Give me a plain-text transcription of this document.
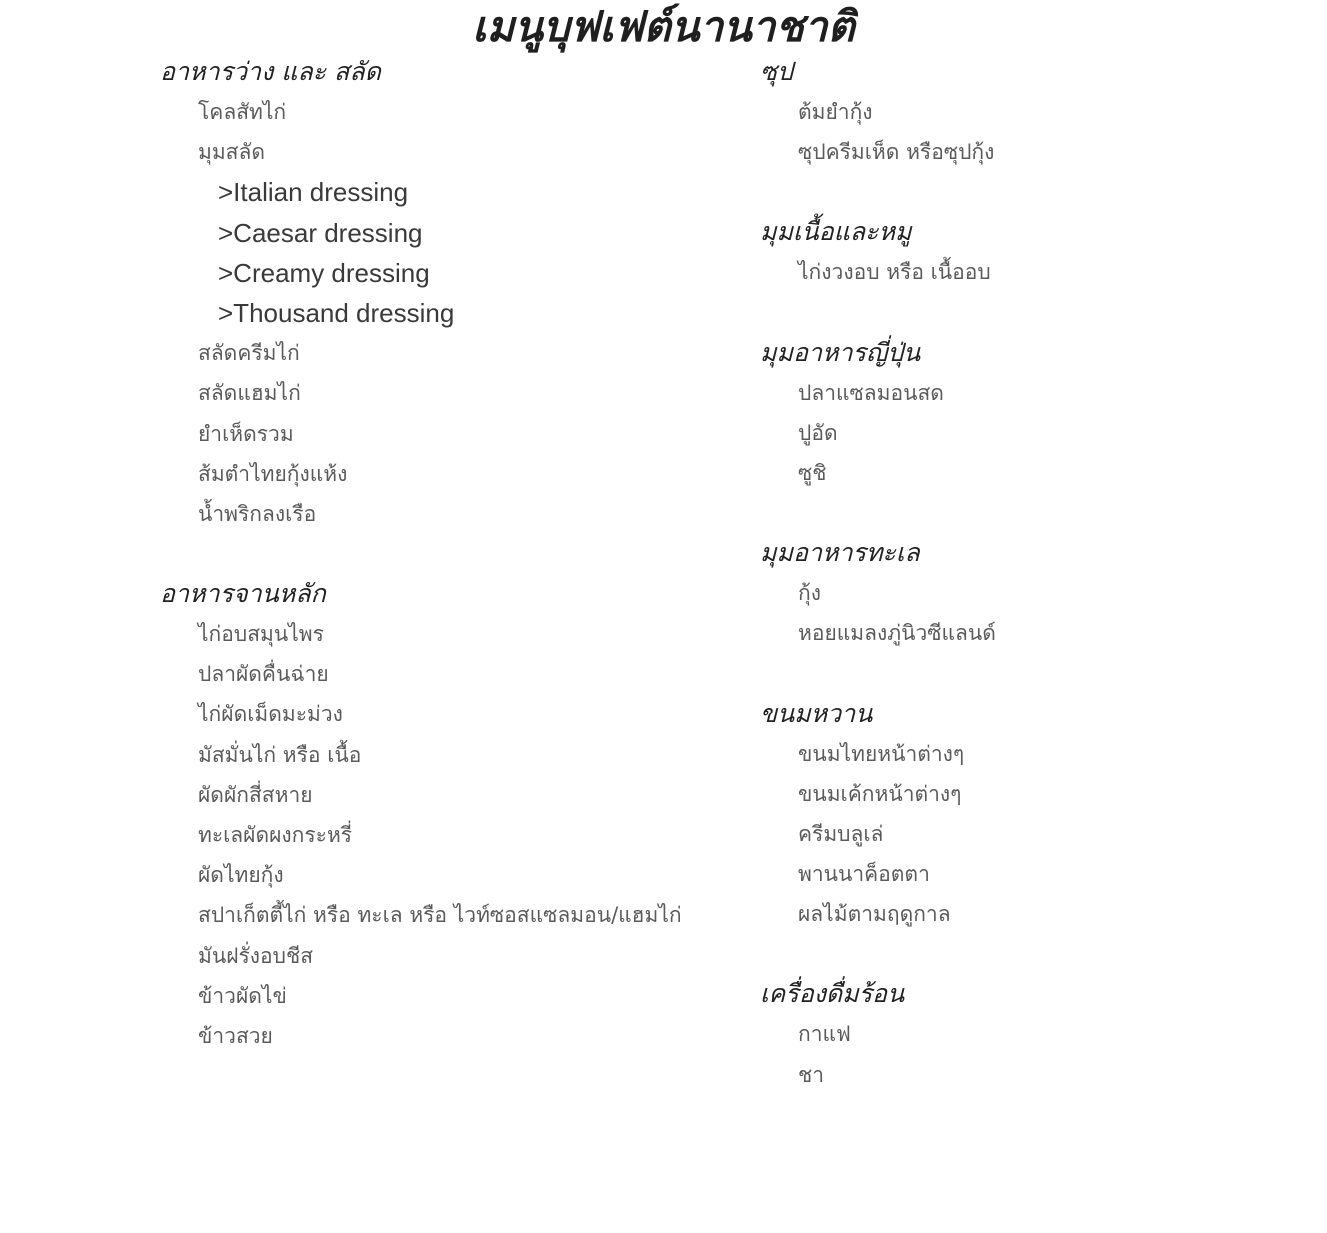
เมนูบุฟเฟต์นานาชาติ
อาหารว่าง และ สลัด
โคลสัทไก่
มุมสลัด
>Italian dressing
>Caesar dressing
>Creamy dressing
>Thousand dressing
สลัดครีมไก่
สลัดแฮมไก่
ยำเห็ดรวม
ส้มตำไทยกุ้งแห้ง
น้ำพริกลงเรือ
อาหารจานหลัก
ไก่อบสมุนไพร
ปลาผัดคื่นฉ่าย
ไก่ผัดเม็ดมะม่วง
มัสมั่นไก่ หรือ เนื้อ
ผัดผักสี่สหาย
ทะเลผัดผงกระหรี่
ผัดไทยกุ้ง
สปาเก็ตตี้ไก่ หรือ ทะเล หรือ ไวท์ซอสแซลมอน/แฮมไก่
มันฝรั่งอบชีส
ข้าวผัดไข่
ข้าวสวย
ซุป
ต้มยำกุ้ง
ซุปครีมเห็ด หรือซุปกุ้ง
มุมเนื้อและหมู
ไก่งวงอบ หรือ เนื้ออบ
มุมอาหารญี่ปุ่น
ปลาแซลมอนสด
ปูอัด
ซูชิ
มุมอาหารทะเล
กุ้ง
หอยแมลงภู่นิวซีแลนด์
ขนมหวาน
ขนมไทยหน้าต่างๆ
ขนมเค้กหน้าต่างๆ
ครีมบลูเล่
พานนาค็อตตา
ผลไม้ตามฤดูกาล
เครื่องดื่มร้อน
กาแฟ
ชา
